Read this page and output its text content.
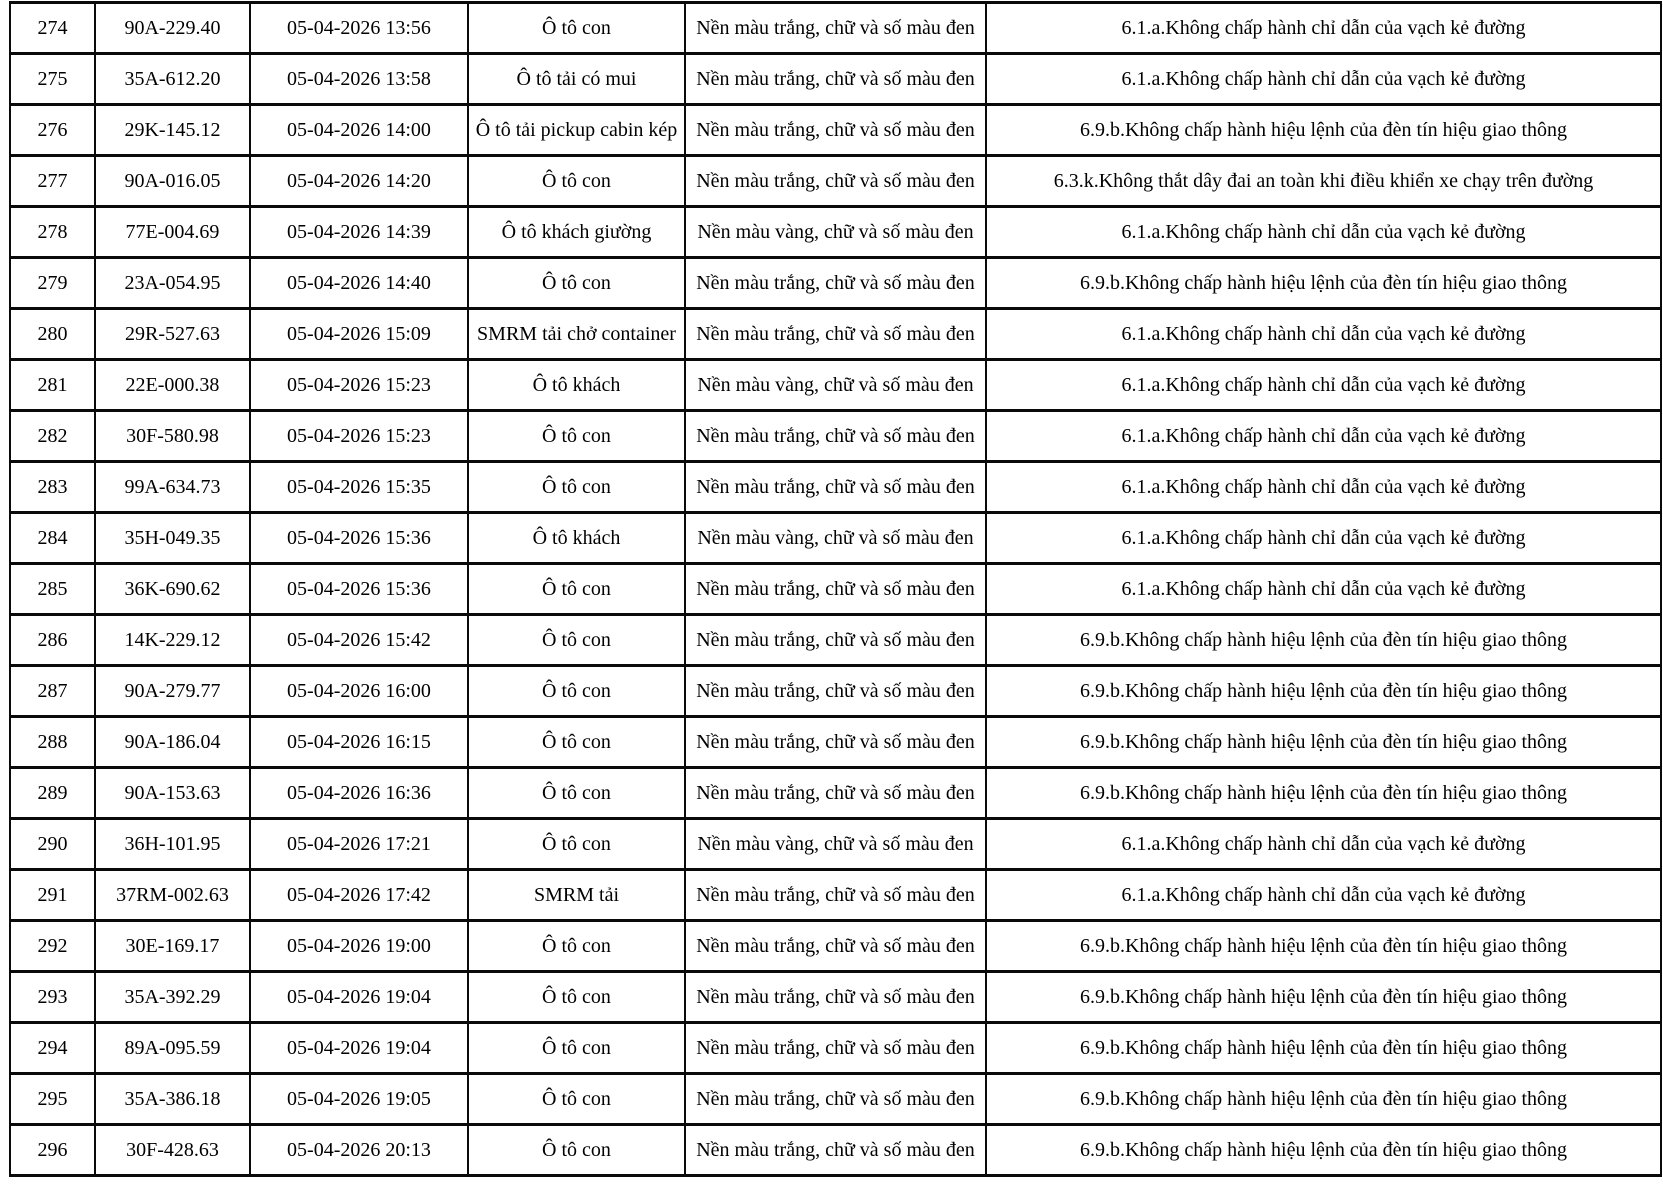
274	90A-229.40	05-04-2026 13:56	Ô tô con	Nền màu trắng, chữ và số màu đen	6.1.a.Không chấp hành chỉ dẫn của vạch kẻ đường
275	35A-612.20	05-04-2026 13:58	Ô tô tải có mui	Nền màu trắng, chữ và số màu đen	6.1.a.Không chấp hành chỉ dẫn của vạch kẻ đường
276	29K-145.12	05-04-2026 14:00	Ô tô tải pickup cabin kép	Nền màu trắng, chữ và số màu đen	6.9.b.Không chấp hành hiệu lệnh của đèn tín hiệu giao thông
277	90A-016.05	05-04-2026 14:20	Ô tô con	Nền màu trắng, chữ và số màu đen	6.3.k.Không thắt dây đai an toàn khi điều khiển xe chạy trên đường
278	77E-004.69	05-04-2026 14:39	Ô tô khách giường	Nền màu vàng, chữ và số màu đen	6.1.a.Không chấp hành chỉ dẫn của vạch kẻ đường
279	23A-054.95	05-04-2026 14:40	Ô tô con	Nền màu trắng, chữ và số màu đen	6.9.b.Không chấp hành hiệu lệnh của đèn tín hiệu giao thông
280	29R-527.63	05-04-2026 15:09	SMRM tải chở container	Nền màu trắng, chữ và số màu đen	6.1.a.Không chấp hành chỉ dẫn của vạch kẻ đường
281	22E-000.38	05-04-2026 15:23	Ô tô khách	Nền màu vàng, chữ và số màu đen	6.1.a.Không chấp hành chỉ dẫn của vạch kẻ đường
282	30F-580.98	05-04-2026 15:23	Ô tô con	Nền màu trắng, chữ và số màu đen	6.1.a.Không chấp hành chỉ dẫn của vạch kẻ đường
283	99A-634.73	05-04-2026 15:35	Ô tô con	Nền màu trắng, chữ và số màu đen	6.1.a.Không chấp hành chỉ dẫn của vạch kẻ đường
284	35H-049.35	05-04-2026 15:36	Ô tô khách	Nền màu vàng, chữ và số màu đen	6.1.a.Không chấp hành chỉ dẫn của vạch kẻ đường
285	36K-690.62	05-04-2026 15:36	Ô tô con	Nền màu trắng, chữ và số màu đen	6.1.a.Không chấp hành chỉ dẫn của vạch kẻ đường
286	14K-229.12	05-04-2026 15:42	Ô tô con	Nền màu trắng, chữ và số màu đen	6.9.b.Không chấp hành hiệu lệnh của đèn tín hiệu giao thông
287	90A-279.77	05-04-2026 16:00	Ô tô con	Nền màu trắng, chữ và số màu đen	6.9.b.Không chấp hành hiệu lệnh của đèn tín hiệu giao thông
288	90A-186.04	05-04-2026 16:15	Ô tô con	Nền màu trắng, chữ và số màu đen	6.9.b.Không chấp hành hiệu lệnh của đèn tín hiệu giao thông
289	90A-153.63	05-04-2026 16:36	Ô tô con	Nền màu trắng, chữ và số màu đen	6.9.b.Không chấp hành hiệu lệnh của đèn tín hiệu giao thông
290	36H-101.95	05-04-2026 17:21	Ô tô con	Nền màu vàng, chữ và số màu đen	6.1.a.Không chấp hành chỉ dẫn của vạch kẻ đường
291	37RM-002.63	05-04-2026 17:42	SMRM tải	Nền màu trắng, chữ và số màu đen	6.1.a.Không chấp hành chỉ dẫn của vạch kẻ đường
292	30E-169.17	05-04-2026 19:00	Ô tô con	Nền màu trắng, chữ và số màu đen	6.9.b.Không chấp hành hiệu lệnh của đèn tín hiệu giao thông
293	35A-392.29	05-04-2026 19:04	Ô tô con	Nền màu trắng, chữ và số màu đen	6.9.b.Không chấp hành hiệu lệnh của đèn tín hiệu giao thông
294	89A-095.59	05-04-2026 19:04	Ô tô con	Nền màu trắng, chữ và số màu đen	6.9.b.Không chấp hành hiệu lệnh của đèn tín hiệu giao thông
295	35A-386.18	05-04-2026 19:05	Ô tô con	Nền màu trắng, chữ và số màu đen	6.9.b.Không chấp hành hiệu lệnh của đèn tín hiệu giao thông
296	30F-428.63	05-04-2026 20:13	Ô tô con	Nền màu trắng, chữ và số màu đen	6.9.b.Không chấp hành hiệu lệnh của đèn tín hiệu giao thông
